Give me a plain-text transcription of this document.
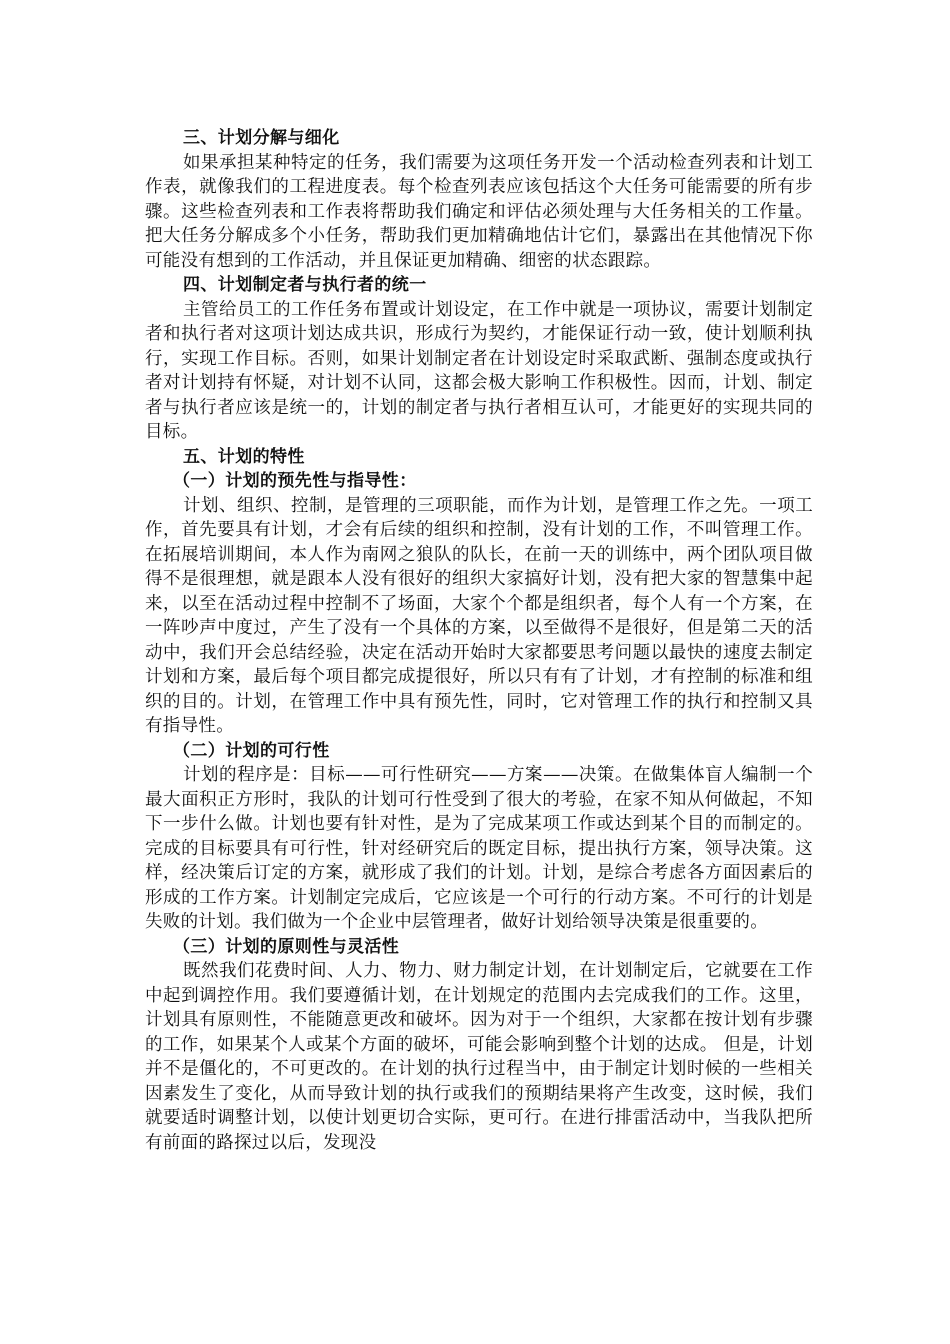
三、计划分解与细化

如果承担某种特定的任务，我们需要为这项任务开发一个活动检查列表和计划工作表，就像我们的工程进度表。每个检查列表应该包括这个大任务可能需要的所有步骤。这些检查列表和工作表将帮助我们确定和评估必须处理与大任务相关的工作量。 把大任务分解成多个小任务，帮助我们更加精确地估计它们，暴露出在其他情况下你可能没有想到的工作活动，并且保证更加精确、细密的状态跟踪。

四、计划制定者与执行者的统一

主管给员工的工作任务布置或计划设定，在工作中就是一项协议，需要计划制定者和执行者对这项计划达成共识，形成行为契约，才能保证行动一致，使计划顺利执行，实现工作目标。否则，如果计划制定者在计划设定时采取武断、强制态度或执行者对计划持有怀疑，对计划不认同，这都会极大影响工作积极性。因而，计划、制定者与执行者应该是统一的，计划的制定者与执行者相互认可，才能更好的实现共同的目标。

五、计划的特性
（一）计划的预先性与指导性：

计划、组织、控制，是管理的三项职能，而作为计划，是管理工作之先。一项工作，首先要具有计划，才会有后续的组织和控制，没有计划的工作，不叫管理工作。在拓展培训期间，本人作为南网之狼队的队长，在前一天的训练中，两个团队项目做得不是很理想，就是跟本人没有很好的组织大家搞好计划，没有把大家的智慧集中起来，以至在活动过程中控制不了场面，大家个个都是组织者，每个人有一个方案，在一阵吵声中度过，产生了没有一个具体的方案，以至做得不是很好，但是第二天的活动中，我们开会总结经验，决定在活动开始时大家都要思考问题以最快的速度去制定计划和方案，最后每个项目都完成提很好，所以只有有了计划，才有控制的标准和组织的目的。计划，在管理工作中具有预先性，同时，它对管理工作的执行和控制又具有指导性。

（二）计划的可行性

计划的程序是：目标——可行性研究——方案——决策。在做集体盲人编制一个最大面积正方形时，我队的计划可行性受到了很大的考验，在家不知从何做起，不知下一步什么做。计划也要有针对性，是为了完成某项工作或达到某个目的而制定的。完成的目标要具有可行性，针对经研究后的既定目标，提出执行方案，领导决策。这样，经决策后订定的方案，就形成了我们的计划。计划，是综合考虑各方面因素后的形成的工作方案。计划制定完成后，它应该是一个可行的行动方案。不可行的计划是失败的计划。我们做为一个企业中层管理者，做好计划给领导决策是很重要的。

（三）计划的原则性与灵活性

既然我们花费时间、人力、物力、财力制定计划，在计划制定后，它就要在工作中起到调控作用。我们要遵循计划，在计划规定的范围内去完成我们的工作。这里，计划具有原则性，不能随意更改和破坏。因为对于一个组织，大家都在按计划有步骤的工作，如果某个人或某个方面的破坏，可能会影响到整个计划的达成。 但是，计划并不是僵化的，不可更改的。在计划的执行过程当中，由于制定计划时候的一些相关因素发生了变化，从而导致计划的执行或我们的预期结果将产生改变，这时候，我们就要适时调整计划，以使计划更切合实际，更可行。在进行排雷活动中，当我队把所有前面的路探过以后，发现没
